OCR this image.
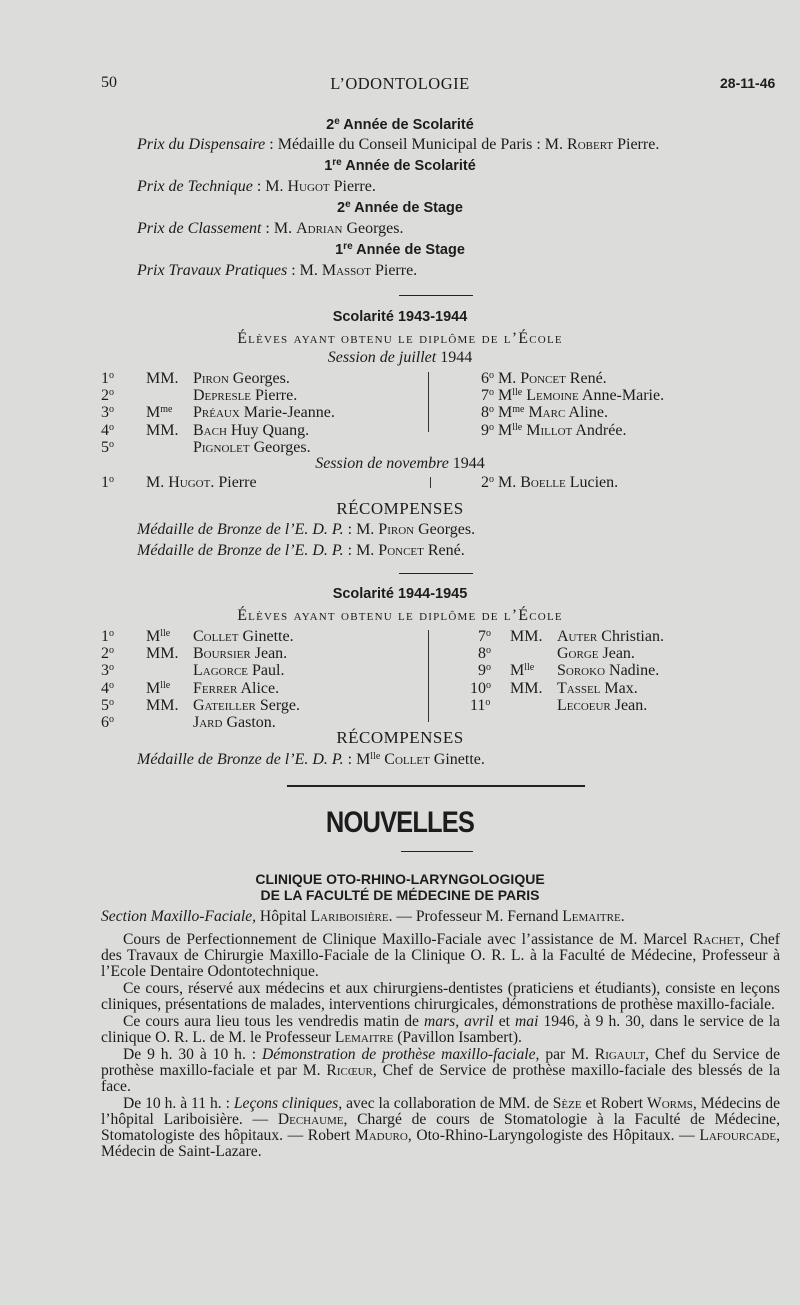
50	L’ODONTOLOGIE	28-11-46
2e Année de Scolarité
Prix du Dispensaire : Médaille du Conseil Municipal de Paris : M. Robert Pierre.
1re Année de Scolarité
Prix de Technique : M. Hugot Pierre.
2e Année de Stage
Prix de Classement : M. Adrian Georges.
1re Année de Stage
Prix Travaux Pratiques : M. Massot Pierre.
Scolarité 1943-1944
Élèves ayant obtenu le diplôme de l’École
Session de juillet 1944
1$^o$ MM. Piron Georges.
2$^o$	Depresle Pierre.
3$^o$ $M^{me}$ Préaux Marie-Jeanne.
4$^o$ MM. Bach Huy Quang.
5$^o$	Pignolet Georges.
6$^o$ M. Poncet René.
7$^o$ $M^{lle}$ Lemoine Anne-Marie.
8$^o$ $M^{me}$ Marc Aline.
9$^o$ $M^{lle}$ Millot Andrée.
Session de novembre 1944
1$^o$ M. Hugot. Pierre	2$^o$ M. Boelle Lucien.
RÉCOMPENSES
Médaille de Bronze de l’E. D. P. : M. Piron Georges.
Médaille de Bronze de l’E. D. P. : M. Poncet René.
Scolarité 1944-1945
Élèves ayant obtenu le diplôme de l’École
1$^o$ $M^{lle}$ Collet Ginette.
2$^o$ MM. Boursier Jean.
3$^o$	Lagorce Paul.
4$^o$ $M^{lle}$ Ferrer Alice.
5$^o$ MM. Gateiller Serge.
6$^o$	Jard Gaston.
 7$^o$ MM. Auter Christian.
 8$^o$	Gorge Jean.
 9$^o$ $M^{lle}$ Soroko Nadine.
10$^o$ MM. Tassel Max.
11$^o$	Lecoeur Jean.
RÉCOMPENSES
Médaille de Bronze de l’E. D. P. : $M^{lle}$ Collet Ginette.
NOUVELLES
CLINIQUE OTO-RHINO-LARYNGOLOGIQUE
DE LA FACULTÉ DE MÉDECINE DE PARIS
Section Maxillo-Faciale, Hôpital Lariboisière. — Professeur M. Fernand Lemaitre.

Cours de Perfectionnement de Clinique Maxillo-Faciale avec l’assistance de M. Marcel Rachet, Chef des Travaux de Chirurgie Maxillo-Faciale de la Clinique O. R. L. à la Faculté de Médecine, Professeur à l’Ecole Dentaire Odontotechnique.

Ce cours, réservé aux médecins et aux chirurgiens-dentistes (praticiens et étudiants), consiste en leçons cliniques, présentations de malades, interventions chirurgicales, démonstrations de prothèse maxillo-faciale.

Ce cours aura lieu tous les vendredis matin de mars, avril et mai 1946, à 9 h. 30, dans le service de la clinique O. R. L. de M. le Professeur Lemaitre (Pavillon Isambert).

De 9 h. 30 à 10 h. : Démonstration de prothèse maxillo-faciale, par M. Rigault, Chef du Service de prothèse maxillo-faciale et par M. Ricœur, Chef de Service de prothèse maxillo-faciale des blessés de la face.

De 10 h. à 11 h. : Leçons cliniques, avec la collaboration de MM. de Sèze et Robert Worms, Médecins de l’hôpital Lariboisière. — Dechaume, Chargé de cours de Stomatologie à la Faculté de Médecine, Stomatologiste des hôpitaux. — Robert Maduro, Oto-Rhino-Laryngologiste des Hôpitaux. — Lafourcade, Médecin de Saint-Lazare.
